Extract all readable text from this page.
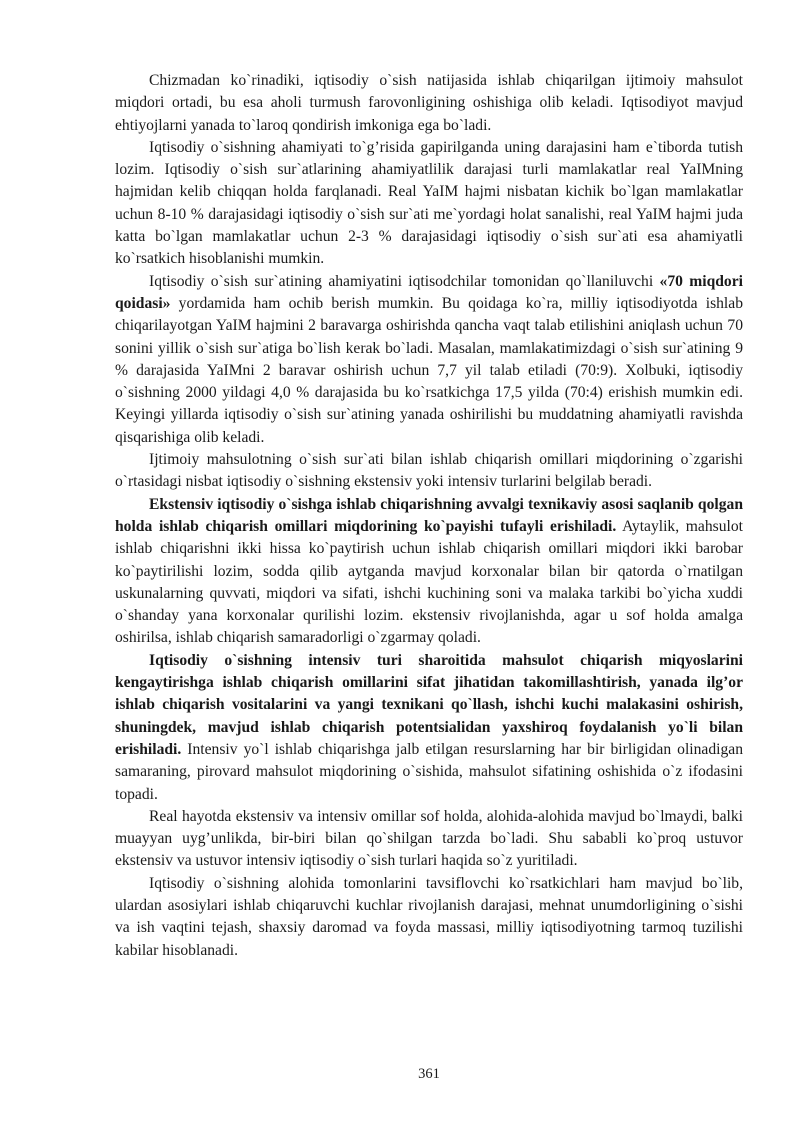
Chizmadan ko`rinadiki, iqtisodiy o`sish natijasida ishlab chiqarilgan ijtimoiy mahsulot miqdori ortadi, bu esa aholi turmush farovonligining oshishiga olib keladi. Iqtisodiyot mavjud ehtiyojlarni yanada to`laroq qondirish imkoniga ega bo`ladi.

Iqtisodiy o`sishning ahamiyati to`g’risida gapirilganda uning darajasini ham e`tiborda tutish lozim. Iqtisodiy o`sish sur`atlarining ahamiyatlilik darajasi turli mamlakatlar real YaIMning hajmidan kelib chiqqan holda farqlanadi. Real YaIM hajmi nisbatan kichik bo`lgan mamlakatlar uchun 8-10 % darajasidagi iqtisodiy o`sish sur`ati me`yordagi holat sanalishi, real YaIM hajmi juda katta bo`lgan mamlakatlar uchun 2-3 % darajasidagi iqtisodiy o`sish sur`ati esa ahamiyatli ko`rsatkich hisoblanishi mumkin.

Iqtisodiy o`sish sur`atining ahamiyatini iqtisodchilar tomonidan qo`llaniluvchi «70 miqdori qoidasi» yordamida ham ochib berish mumkin. Bu qoidaga ko`ra, milliy iqtisodiyotda ishlab chiqarilayotgan YaIM hajmini 2 baravarga oshirishda qancha vaqt talab etilishini aniqlash uchun 70 sonini yillik o`sish sur`atiga bo`lish kerak bo`ladi. Masalan, mamlakatimizdagi o`sish sur`atining 9 % darajasida YaIMni 2 baravar oshirish uchun 7,7 yil talab etiladi (70:9). Xolbuki, iqtisodiy o`sishning 2000 yildagi 4,0 % darajasida bu ko`rsatkichga 17,5 yilda (70:4) erishish mumkin edi. Keyingi yillarda iqtisodiy o`sish sur`atining yanada oshirilishi bu muddatning ahamiyatli ravishda qisqarishiga olib keladi.

Ijtimoiy mahsulotning o`sish sur`ati bilan ishlab chiqarish omillari miqdorining o`zgarishi o`rtasidagi nisbat iqtisodiy o`sishning ekstensiv yoki intensiv turlarini belgilab beradi.

Ekstensiv iqtisodiy o`sishga ishlab chiqarishning avvalgi texnikaviy asosi saqlanib qolgan holda ishlab chiqarish omillari miqdorining ko`payishi tufayli erishiladi. Aytaylik, mahsulot ishlab chiqarishni ikki hissa ko`paytirish uchun ishlab chiqarish omillari miqdori ikki barobar ko`paytirilishi lozim, sodda qilib aytganda mavjud korxonalar bilan bir qatorda o`rnatilgan uskunalarning quvvati, miqdori va sifati, ishchi kuchining soni va malaka tarkibi bo`yicha xuddi o`shanday yana korxonalar qurilishi lozim. ekstensiv rivojlanishda, agar u sof holda amalga oshirilsa, ishlab chiqarish samaradorligi o`zgarmay qoladi.

Iqtisodiy o`sishning intensiv turi sharoitida mahsulot chiqarish miqyoslarini kengaytirishga ishlab chiqarish omillarini sifat jihatidan takomillashtirish, yanada ilg’or ishlab chiqarish vositalarini va yangi texnikani qo`llash, ishchi kuchi malakasini oshirish, shuningdek, mavjud ishlab chiqarish potentsialidan yaxshiroq foydalanish yo`li bilan erishiladi. Intensiv yo`l ishlab chiqarishga jalb etilgan resurslarning har bir birligidan olinadigan samaraning, pirovard mahsulot miqdorining o`sishida, mahsulot sifatining oshishida o`z ifodasini topadi.

Real hayotda ekstensiv va intensiv omillar sof holda, alohida-alohida mavjud bo`lmaydi, balki muayyan uyg’unlikda, bir-biri bilan qo`shilgan tarzda bo`ladi. Shu sababli ko`proq ustuvor ekstensiv va ustuvor intensiv iqtisodiy o`sish turlari haqida so`z yuritiladi.

Iqtisodiy o`sishning alohida tomonlarini tavsiflovchi ko`rsatkichlari ham mavjud bo`lib, ulardan asosiylari ishlab chiqaruvchi kuchlar rivojlanish darajasi, mehnat unumdorligining o`sishi va ish vaqtini tejash, shaxsiy daromad va foyda massasi, milliy iqtisodiyotning tarmoq tuzilishi kabilar hisoblanadi.

361
